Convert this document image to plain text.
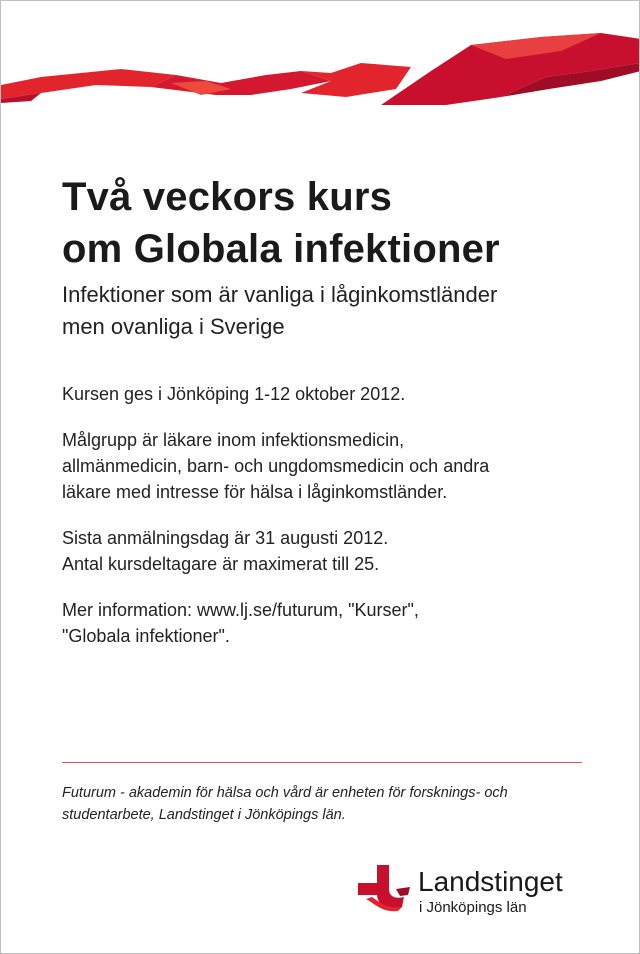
Två veckors kurs
om Globala infektioner

Infektioner som är vanliga i låginkomstländer
men ovanliga i Sverige

Kursen ges i Jönköping 1-12 oktober 2012.

Målgrupp är läkare inom infektionsmedicin,
allmänmedicin, barn- och ungdomsmedicin och andra
läkare med intresse för hälsa i låginkomstländer.

Sista anmälningsdag är 31 augusti 2012.
Antal kursdeltagare är maximerat till 25.

Mer information: www.lj.se/futurum, "Kurser",
"Globala infektioner".

Futurum - akademin för hälsa och vård är enheten för forsknings- och
studentarbete, Landstinget i Jönköpings län.

Landstinget
i Jönköpings län
